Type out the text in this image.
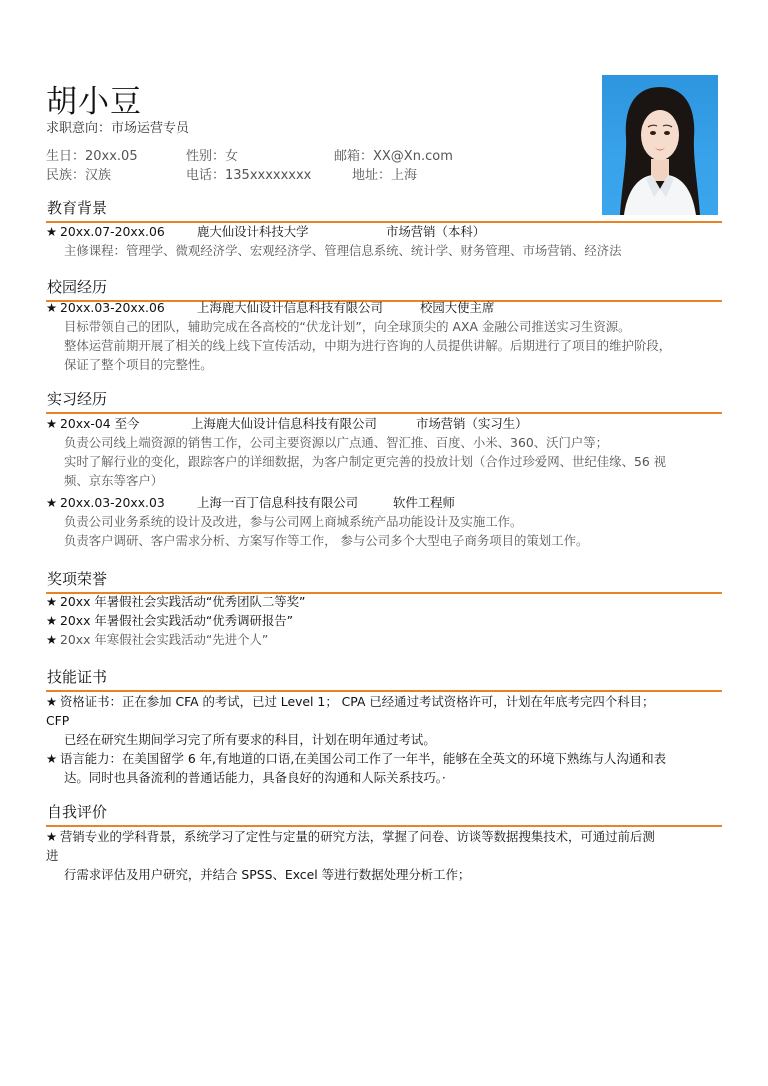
胡小豆
求职意向：市场运营专员
生日：20xx.05	性别：女	邮箱：XX@Xn.com
民族：汉族	电话：135xxxxxxxx	地址：上海
教育背景
★ 20xx.07-20xx.06	鹿大仙设计科技大学	市场营销（本科）
主修课程：管理学、微观经济学、宏观经济学、管理信息系统、统计学、财务管理、市场营销、经济法
校园经历
★ 20xx.03-20xx.06	上海鹿大仙设计信息科技有限公司	校园大使主席
目标带领自己的团队，辅助完成在各高校的“伏龙计划”，向全球顶尖的 AXA 金融公司推送实习生资源。
整体运营前期开展了相关的线上线下宣传活动，中期为进行咨询的人员提供讲解。后期进行了项目的维护阶段，
保证了整个项目的完整性。
实习经历
★ 20xx-04 至今	上海鹿大仙设计信息科技有限公司	市场营销（实习生）
负责公司线上端资源的销售工作，公司主要资源以广点通、智汇推、百度、小米、360、沃门户等；
实时了解行业的变化，跟踪客户的详细数据，为客户制定更完善的投放计划（合作过珍爱网、世纪佳缘、56 视
频、京东等客户）
★ 20xx.03-20xx.03	上海一百丁信息科技有限公司	软件工程师
负责公司业务系统的设计及改进，参与公司网上商城系统产品功能设计及实施工作。
负责客户调研、客户需求分析、方案写作等工作， 参与公司多个大型电子商务项目的策划工作。
奖项荣誉
★ 20xx 年暑假社会实践活动“优秀团队二等奖”
★ 20xx 年暑假社会实践活动“优秀调研报告”
★ 20xx 年寒假社会实践活动“先进个人”
技能证书
★ 资格证书：正在参加 CFA 的考试，已过 Level 1； CPA 已经通过考试资格许可，计划在年底考完四个科目；
CFP
已经在研究生期间学习完了所有要求的科目，计划在明年通过考试。
★ 语言能力：在美国留学 6 年,有地道的口语,在美国公司工作了一年半，能够在全英文的环境下熟练与人沟通和表
达。同时也具备流利的普通话能力，具备良好的沟通和人际关系技巧。·
自我评价
★ 营销专业的学科背景，系统学习了定性与定量的研究方法，掌握了问卷、访谈等数据搜集技术，可通过前后测
进
行需求评估及用户研究，并结合 SPSS、Excel 等进行数据处理分析工作；
